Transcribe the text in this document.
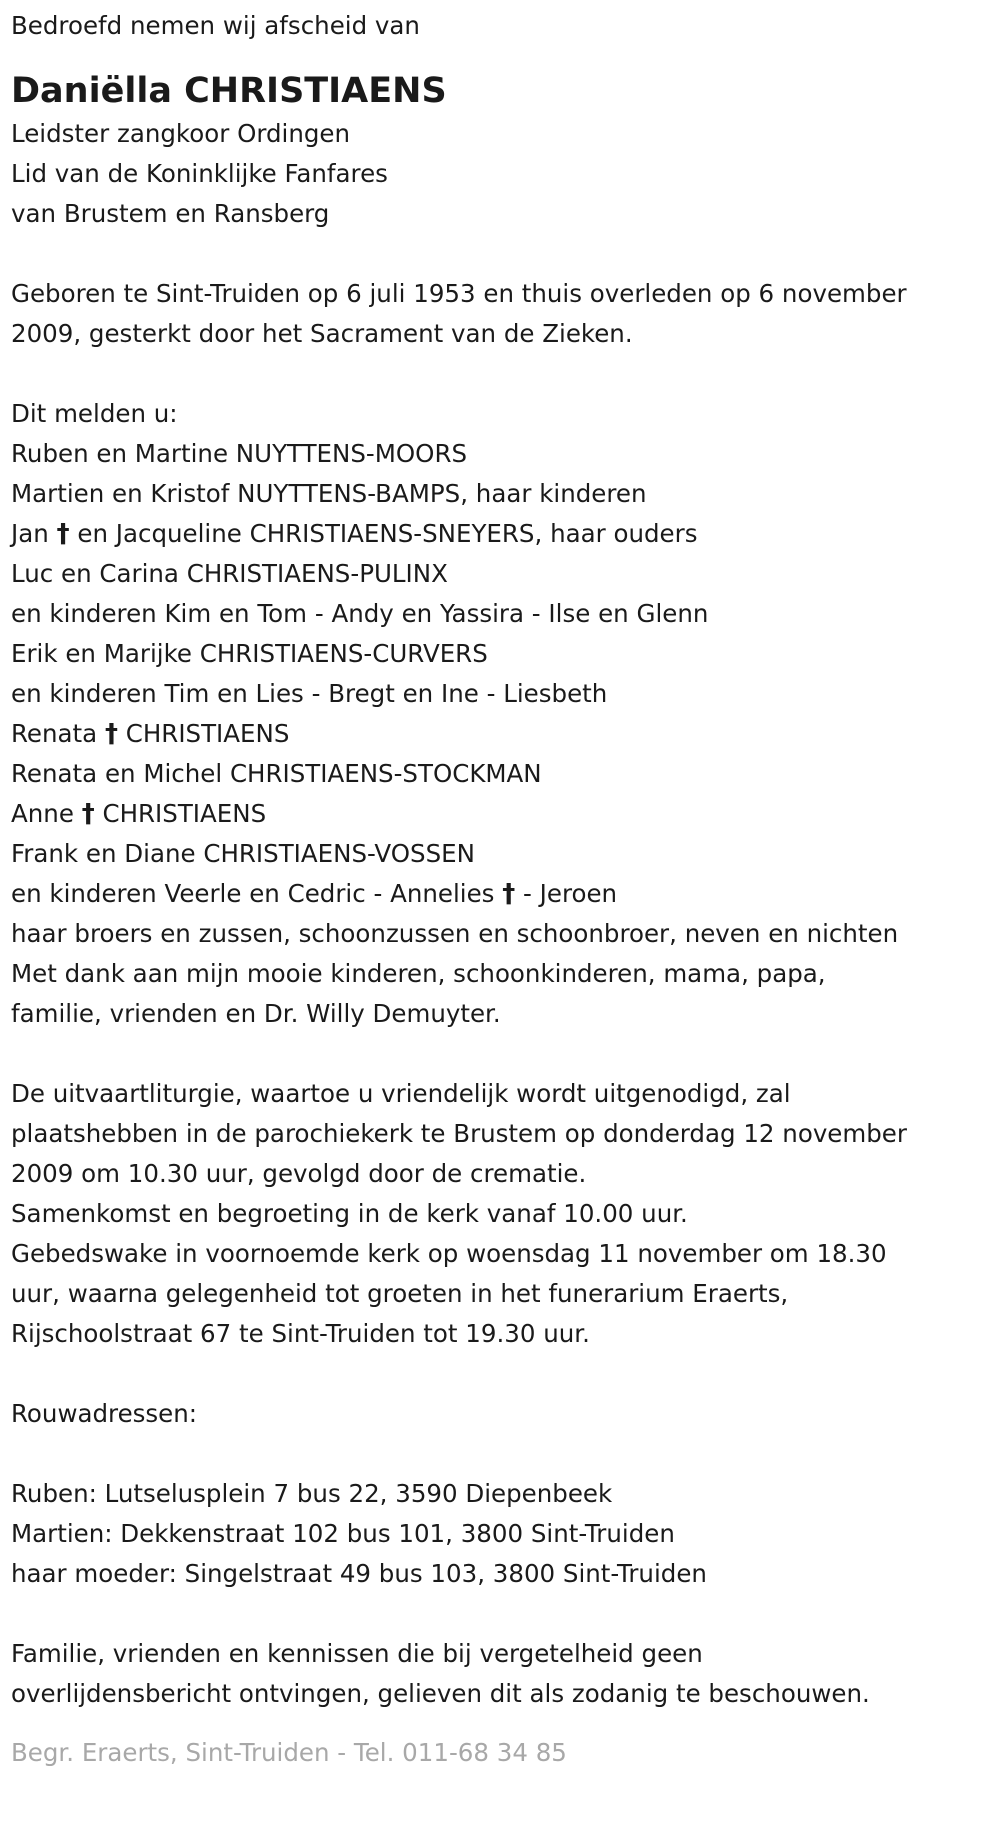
Bedroefd nemen wij afscheid van
Daniëlla CHRISTIAENS
Leidster zangkoor Ordingen
Lid van de Koninklijke Fanfares
van Brustem en Ransberg
Geboren te Sint-Truiden op 6 juli 1953 en thuis overleden op 6 november
2009, gesterkt door het Sacrament van de Zieken.
Dit melden u:
Ruben en Martine NUYTTENS-MOORS
Martien en Kristof NUYTTENS-BAMPS, haar kinderen
Jan † en Jacqueline CHRISTIAENS-SNEYERS, haar ouders
Luc en Carina CHRISTIAENS-PULINX
en kinderen Kim en Tom - Andy en Yassira - Ilse en Glenn
Erik en Marijke CHRISTIAENS-CURVERS
en kinderen Tim en Lies - Bregt en Ine - Liesbeth
Renata † CHRISTIAENS
Renata en Michel CHRISTIAENS-STOCKMAN
Anne † CHRISTIAENS
Frank en Diane CHRISTIAENS-VOSSEN
en kinderen Veerle en Cedric - Annelies † - Jeroen
haar broers en zussen, schoonzussen en schoonbroer, neven en nichten
Met dank aan mijn mooie kinderen, schoonkinderen, mama, papa,
familie, vrienden en Dr. Willy Demuyter.
De uitvaartliturgie, waartoe u vriendelijk wordt uitgenodigd, zal
plaatshebben in de parochiekerk te Brustem op donderdag 12 november
2009 om 10.30 uur, gevolgd door de crematie.
Samenkomst en begroeting in de kerk vanaf 10.00 uur.
Gebedswake in voornoemde kerk op woensdag 11 november om 18.30
uur, waarna gelegenheid tot groeten in het funerarium Eraerts,
Rijschoolstraat 67 te Sint-Truiden tot 19.30 uur.
Rouwadressen:
Ruben: Lutselusplein 7 bus 22, 3590 Diepenbeek
Martien: Dekkenstraat 102 bus 101, 3800 Sint-Truiden
haar moeder: Singelstraat 49 bus 103, 3800 Sint-Truiden
Familie, vrienden en kennissen die bij vergetelheid geen
overlijdensbericht ontvingen, gelieven dit als zodanig te beschouwen.
Begr. Eraerts, Sint-Truiden - Tel. 011-68 34 85
